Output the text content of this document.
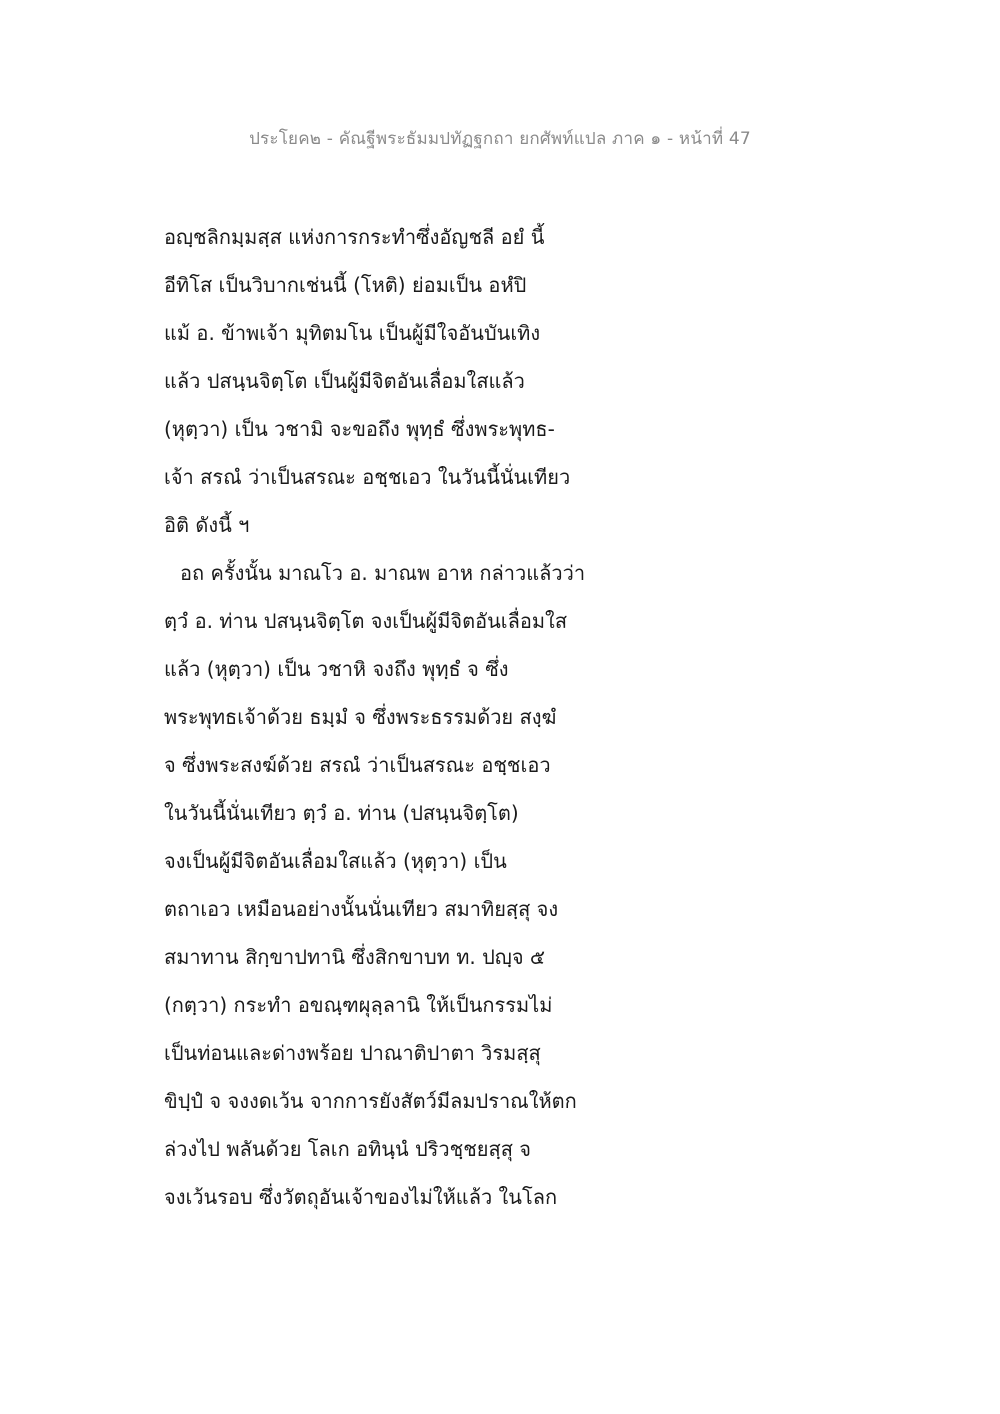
ประโยค๒ - คัณฐีพระธัมมปทัฏฐกถา ยกศัพท์แปล ภาค ๑ - หน้าที่ 47
อญฺชลิกมฺมสฺส แห่งการกระทำซึ่งอัญชลี อยํ นี้
อีทิโส เป็นวิบากเช่นนี้ (โหติ) ย่อมเป็น อหํปิ
แม้ อ. ข้าพเจ้า มุทิตมโน เป็นผู้มีใจอันบันเทิง
แล้ว ปสนฺนจิตฺโต เป็นผู้มีจิตอันเลื่อมใสแล้ว
(หุตฺวา) เป็น วชามิ จะขอถึง พุทฺธํ ซึ่งพระพุทธ-
เจ้า สรณํ ว่าเป็นสรณะ อชฺชเอว ในวันนี้นั่นเทียว
อิติ ดังนี้ ฯ
อถ ครั้งนั้น มาณโว อ. มาณพ อาห กล่าวแล้วว่า
ตฺวํ อ. ท่าน ปสนฺนจิตฺโต จงเป็นผู้มีจิตอันเลื่อมใส
แล้ว (หุตฺวา) เป็น วชาหิ จงถึง พุทฺธํ จ ซึ่ง
พระพุทธเจ้าด้วย ธมฺมํ จ ซึ่งพระธรรมด้วย สงฺฆํ
จ ซึ่งพระสงฆ์ด้วย สรณํ ว่าเป็นสรณะ อชฺชเอว
ในวันนี้นั่นเทียว ตฺวํ อ. ท่าน (ปสนฺนจิตฺโต)
จงเป็นผู้มีจิตอันเลื่อมใสแล้ว (หุตฺวา) เป็น
ตถาเอว เหมือนอย่างนั้นนั่นเทียว สมาทิยสฺสุ จง
สมาทาน สิกฺขาปทานิ ซึ่งสิกขาบท ท. ปญฺจ ๕
(กตฺวา) กระทำ อขณฺฑผุลฺลานิ ให้เป็นกรรมไม่
เป็นท่อนและด่างพร้อย ปาณาติปาตา วิรมสฺสุ
ขิปฺปํ จ จงงดเว้น จากการยังสัตว์มีลมปราณให้ตก
ล่วงไป พลันด้วย โลเก อทินฺนํ ปริวชฺชยสฺสุ จ
จงเว้นรอบ ซึ่งวัตถุอันเจ้าของไม่ให้แล้ว ในโลก
